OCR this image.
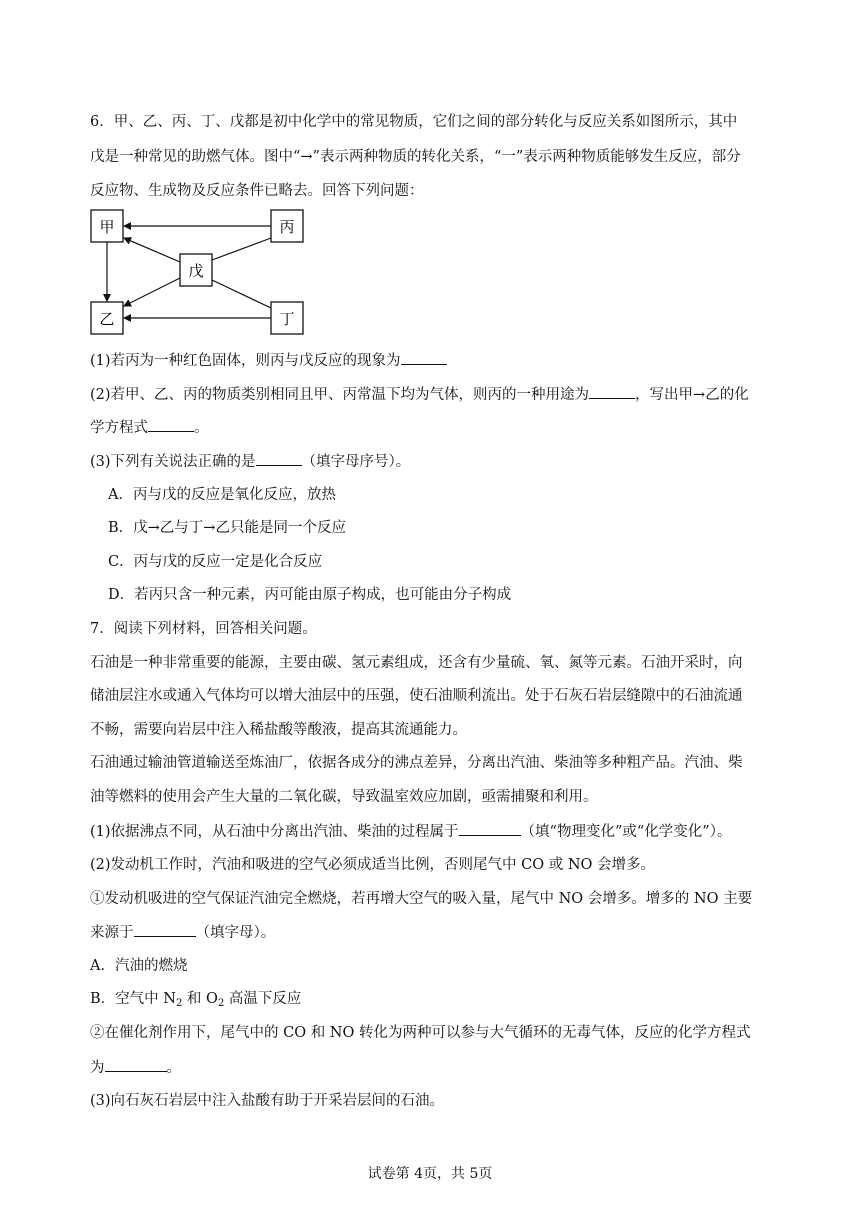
6．甲、乙、丙、丁、戊都是初中化学中的常见物质，它们之间的部分转化与反应关系如图所示，其中
戊是一种常见的助燃气体。图中“→”表示两种物质的转化关系，“一”表示两种物质能够发生反应，部分
反应物、生成物及反应条件已略去。回答下列问题：
甲	丙
戊
乙	丁
(1)若丙为一种红色固体，则丙与戊反应的现象为
(2)若甲、乙、丙的物质类别相同且甲、丙常温下均为气体，则丙的一种用途为	，写出甲→乙的化
学方程式	。
(3)下列有关说法正确的是	（填字母序号）。
A．丙与戊的反应是氧化反应，放热
B．戊→乙与丁→乙只能是同一个反应
C．丙与戊的反应一定是化合反应
D．若丙只含一种元素，丙可能由原子构成，也可能由分子构成
7．阅读下列材料，回答相关问题。
石油是一种非常重要的能源，主要由碳、氢元素组成，还含有少量硫、氧、氮等元素。石油开采时，向
储油层注水或通入气体均可以增大油层中的压强，使石油顺利流出。处于石灰石岩层缝隙中的石油流通
不畅，需要向岩层中注入稀盐酸等酸液，提高其流通能力。
石油通过输油管道输送至炼油厂，依据各成分的沸点差异，分离出汽油、柴油等多种粗产品。汽油、柴
油等燃料的使用会产生大量的二氧化碳，导致温室效应加剧，亟需捕聚和利用。
(1)依据沸点不同，从石油中分离出汽油、柴油的过程属于	（填“物理变化”或“化学变化”）。
(2)发动机工作时，汽油和吸进的空气必须成适当比例，否则尾气中 CO 或 NO 会增多。
①发动机吸进的空气保证汽油完全燃烧，若再增大空气的吸入量，尾气中 NO 会增多。增多的 NO 主要
来源于	（填字母）。
A．汽油的燃烧
B．空气中 $N_2$ 和 $O_2$ 高温下反应
②在催化剂作用下，尾气中的 CO 和 NO 转化为两种可以参与大气循环的无毒气体，反应的化学方程式
为	。
(3)向石灰石岩层中注入盐酸有助于开采岩层间的石油。
试卷第 4页，共 5页
